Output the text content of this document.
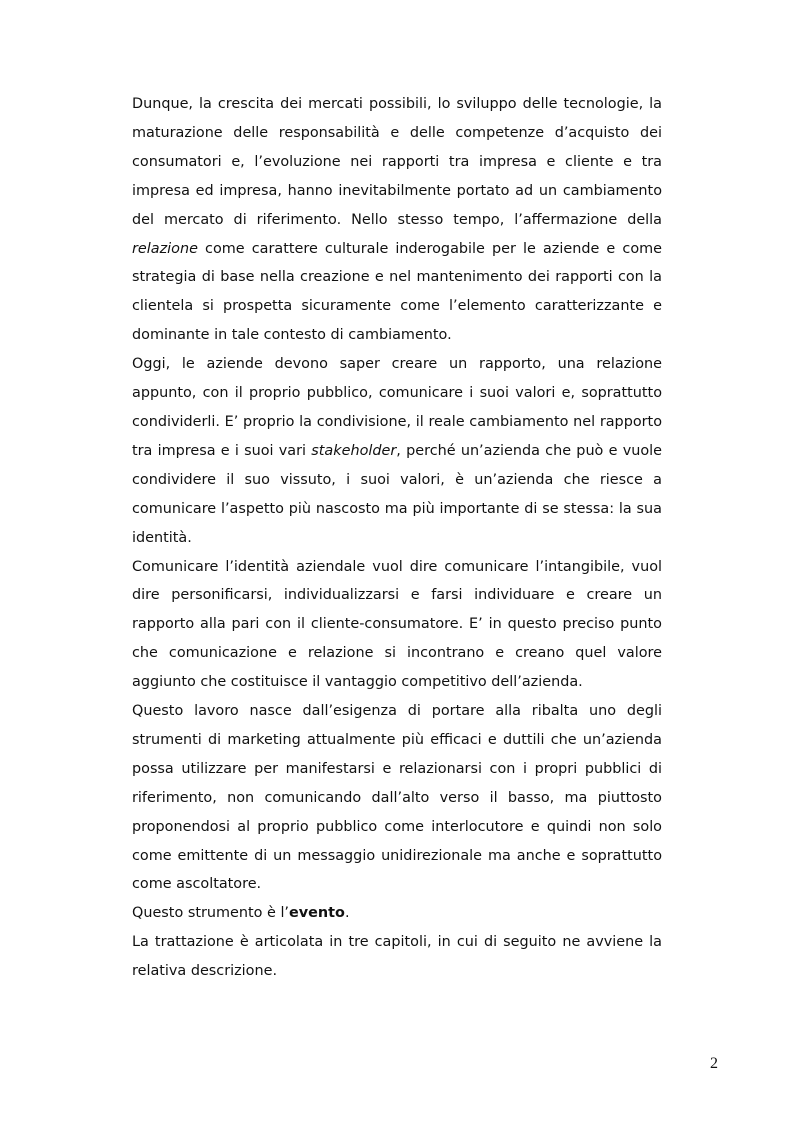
Dunque, la crescita dei mercati possibili, lo sviluppo delle tecnologie, la maturazione delle responsabilità e delle competenze d’acquisto dei consumatori e, l’evoluzione nei rapporti tra impresa e cliente e tra impresa ed impresa, hanno inevitabilmente portato ad un cambiamento del mercato di riferimento. Nello stesso tempo, l’affermazione della relazione come carattere culturale inderogabile per le aziende e come strategia di base nella creazione e nel mantenimento dei rapporti con la clientela si prospetta sicuramente come l’elemento caratterizzante e dominante in tale contesto di cambiamento.

Oggi, le aziende devono saper creare un rapporto, una relazione appunto, con il proprio pubblico, comunicare i suoi valori e, soprattutto condividerli. E’ proprio la condivisione, il reale cambiamento nel rapporto tra impresa e i suoi vari stakeholder, perché un’azienda che può e vuole condividere il suo vissuto, i suoi valori, è un’azienda che riesce a comunicare l’aspetto più nascosto ma più importante di se stessa: la sua identità.

Comunicare l’identità aziendale vuol dire comunicare l’intangibile, vuol dire personificarsi, individualizzarsi e farsi individuare e creare un rapporto alla pari con il cliente-consumatore. E’ in questo preciso punto che comunicazione e relazione si incontrano e creano quel valore aggiunto che costituisce il vantaggio competitivo dell’azienda.

Questo lavoro nasce dall’esigenza di portare alla ribalta uno degli strumenti di marketing attualmente più efficaci e duttili che un’azienda possa utilizzare per manifestarsi e relazionarsi con i propri pubblici di riferimento, non comunicando dall’alto verso il basso, ma piuttosto proponendosi al proprio pubblico come interlocutore e quindi non solo come emittente di un messaggio unidirezionale ma anche e soprattutto come ascoltatore.

Questo strumento è l’evento.

La trattazione è articolata in tre capitoli, in cui di seguito ne avviene la relativa descrizione.

2
